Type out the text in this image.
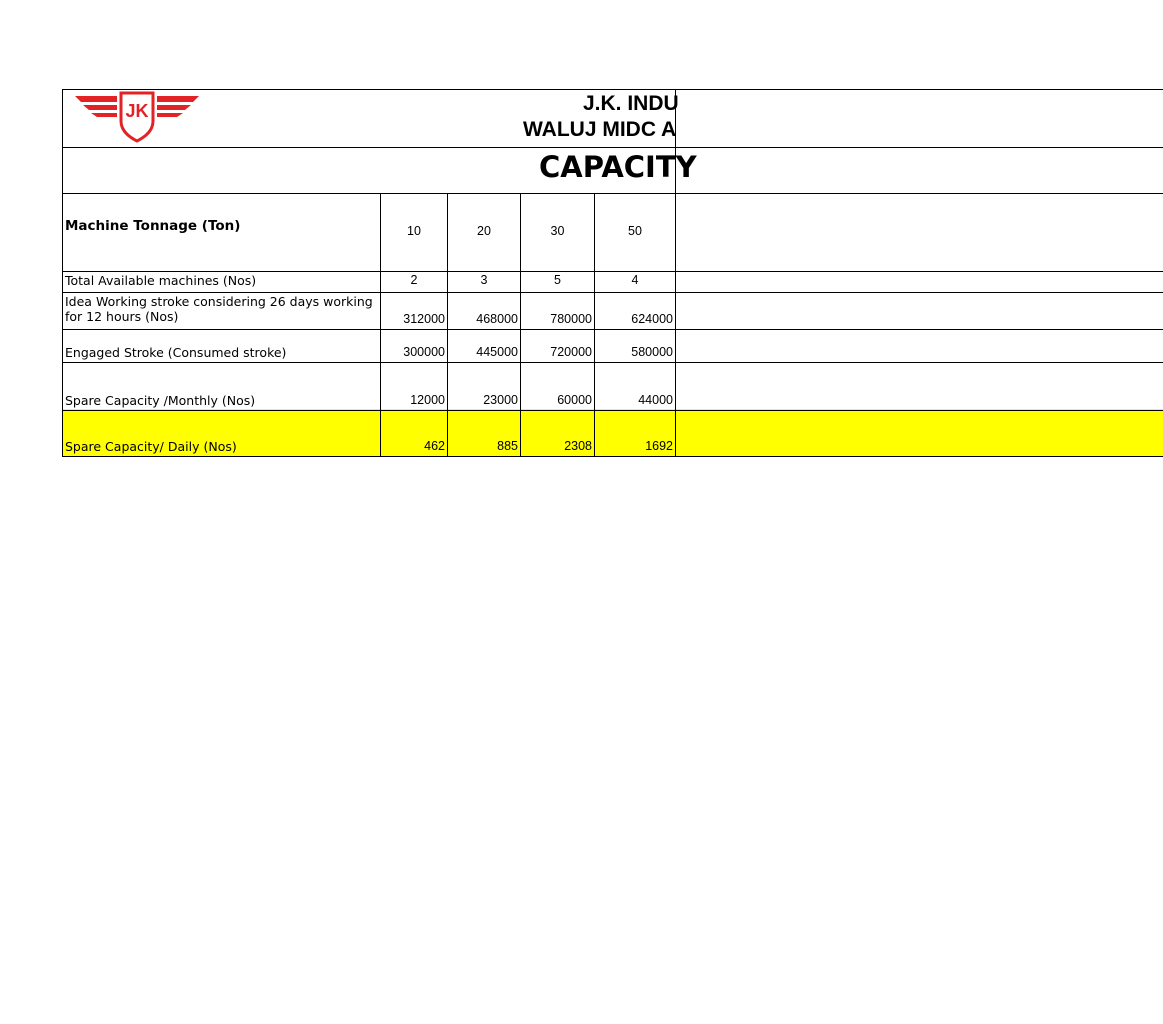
JK	J.K. INDU
WALUJ MIDC A
CAPACITY
Machine Tonnage (Ton)	10	20	30	50
Total Available machines (Nos)	2	3	5	4
Idea Working stroke considering 26 days working for 12 hours (Nos)	312000	468000	780000	624000
Engaged Stroke (Consumed stroke)	300000	445000	720000	580000
Spare Capacity /Monthly (Nos)	12000	23000	60000	44000
Spare Capacity/ Daily (Nos)	462	885	2308	1692
